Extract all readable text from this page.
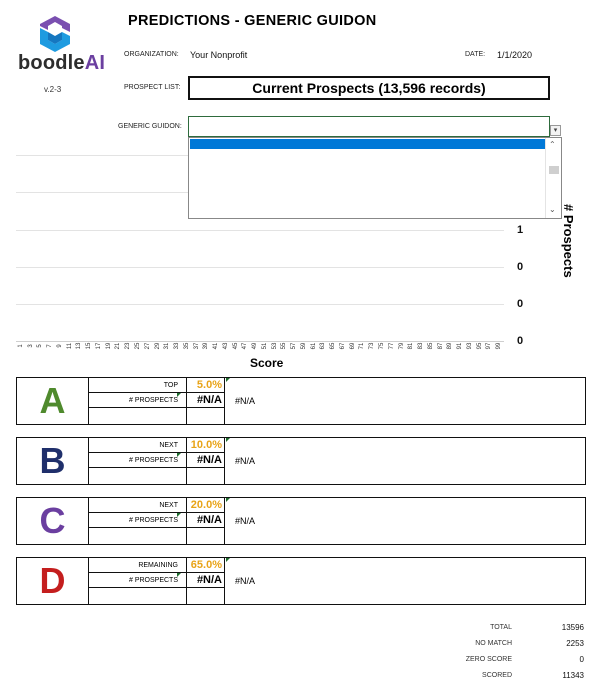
boodleAI
v.2-3
PREDICTIONS - GENERIC GUIDON
ORGANIZATION: Your Nonprofit	DATE: 1/1/2020
PROSPECT LIST:	Current Prospects (13,596 records)
GENERIC GUIDON:
▾
⌃
⌄
1
0
0
0
# Prospects
1 3 5 7 9 11 13 15 17 19 21 23 25 27 29 31 33 35 37 39 41 43 45 47 49 51 53 55 57 59 61 63 65 67 69 71 73 75 77 79 81 83 85 87 89 91 93 95 97 99
Score
A	TOP	5.0%
# PROSPECTS	#N/A	#N/A
B	NEXT	10.0%
# PROSPECTS	#N/A	#N/A
C	NEXT	20.0%
# PROSPECTS	#N/A	#N/A
D	REMAINING	65.0%
# PROSPECTS	#N/A	#N/A
TOTAL	13596
NO MATCH	2253
ZERO SCORE	0
SCORED	11343
